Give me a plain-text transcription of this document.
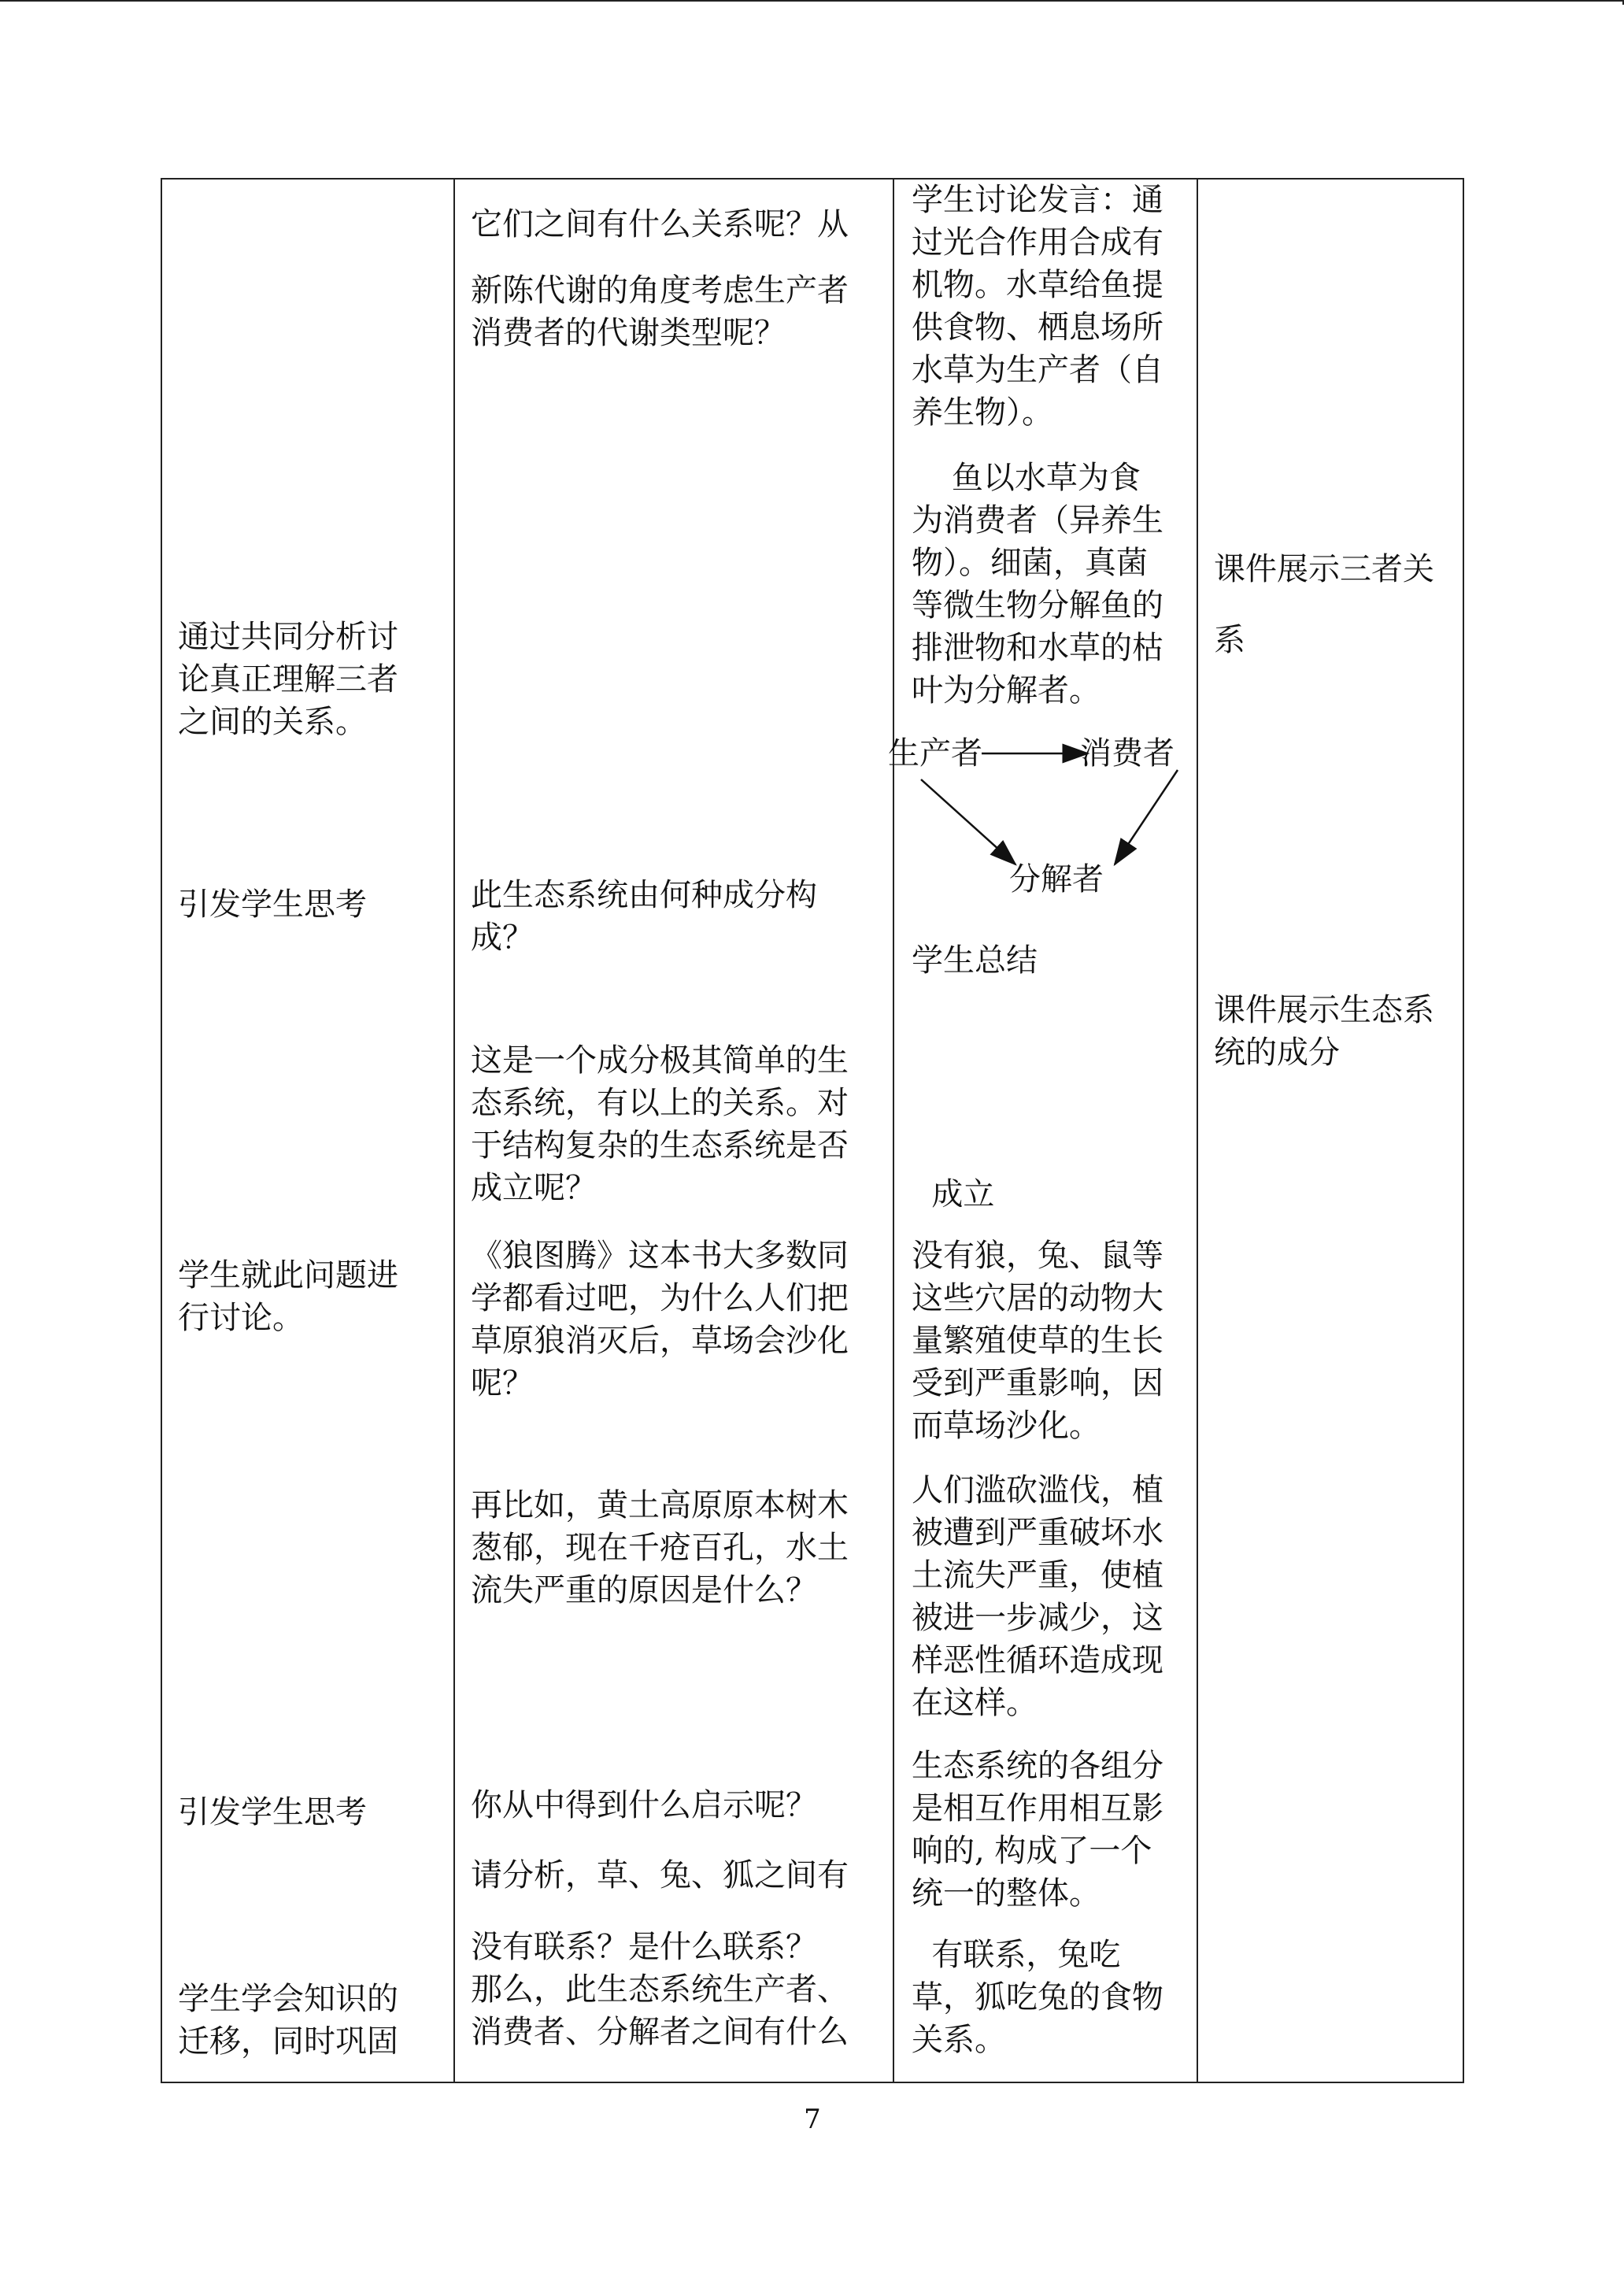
通过共同分析讨
论真正理解三者
之间的关系。
引发学生思考
学生就此问题进
行讨论。
引发学生思考
学生学会知识的
迁移，同时巩固
它们之间有什么关系呢？从
新陈代谢的角度考虑生产者
消费者的代谢类型呢？
此生态系统由何种成分构
成？
这是一个成分极其简单的生
态系统，有以上的关系。对
于结构复杂的生态系统是否
成立呢？
《狼图腾》这本书大多数同
学都看过吧，为什么人们把
草原狼消灭后，草场会沙化
呢？
再比如，黄土高原原本树木
葱郁，现在千疮百孔，水土
流失严重的原因是什么？
你从中得到什么启示呢？
请分析，草、兔、狐之间有
没有联系？是什么联系？
那么，此生态系统生产者、
消费者、分解者之间有什么
学生讨论发言：通
过光合作用合成有
机物。水草给鱼提
供食物、栖息场所
水草为生产者（自
养生物）。
鱼以水草为食
为消费者（异养生
物）。细菌，真菌
等微生物分解鱼的
排泄物和水草的枯
叶为分解者。

生产者	消费者

分解者

学生总结
成立
没有狼，兔、鼠等
这些穴居的动物大
量繁殖使草的生长
受到严重影响，因
而草场沙化。
人们滥砍滥伐，植
被遭到严重破坏水
土流失严重，使植
被进一步减少，这
样恶性循环造成现
在这样。
生态系统的各组分
是相互作用相互影
响的, 构成了一个
统一的整体。
有联系，兔吃
草，狐吃兔的食物
关系。
课件展示三者关
系
课件展示生态系
统的成分
7
